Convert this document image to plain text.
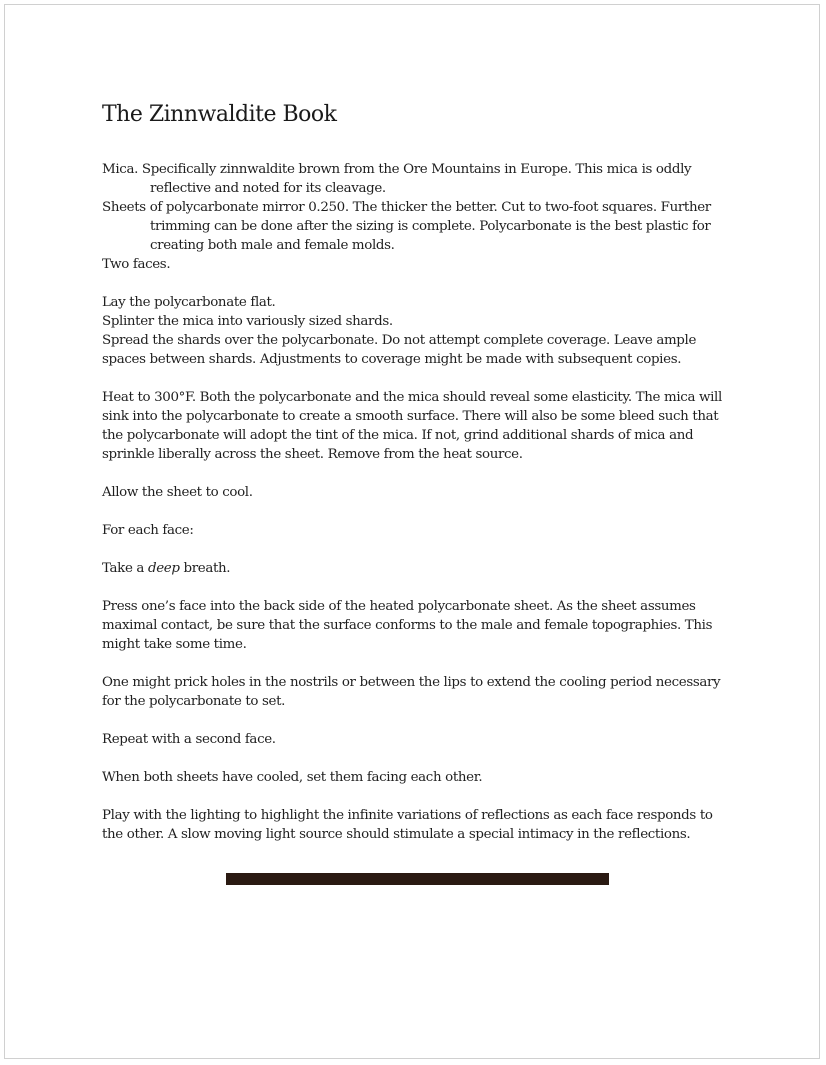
The Zinnwaldite Book

Mica. Specifically zinnwaldite brown from the Ore Mountains in Europe. This mica is oddly reflective and noted for its cleavage.

Sheets of polycarbonate mirror 0.250. The thicker the better. Cut to two-foot squares. Further trimming can be done after the sizing is complete. Polycarbonate is the best plastic for creating both male and female molds.

Two faces.

Lay the polycarbonate flat.

Splinter the mica into variously sized shards.

Spread the shards over the polycarbonate. Do not attempt complete coverage. Leave ample spaces between shards. Adjustments to coverage might be made with subsequent copies.

Heat to 300°F. Both the polycarbonate and the mica should reveal some elasticity. The mica will sink into the polycarbonate to create a smooth surface. There will also be some bleed such that the polycarbonate will adopt the tint of the mica. If not, grind additional shards of mica and sprinkle liberally across the sheet. Remove from the heat source.

Allow the sheet to cool.

For each face:

Take a deep breath.

Press one’s face into the back side of the heated polycarbonate sheet. As the sheet assumes maximal contact, be sure that the surface conforms to the male and female topographies. This might take some time.

One might prick holes in the nostrils or between the lips to extend the cooling period necessary for the polycarbonate to set.

Repeat with a second face.

When both sheets have cooled, set them facing each other.

Play with the lighting to highlight the infinite variations of reflections as each face responds to the other. A slow moving light source should stimulate a special intimacy in the reflections.
